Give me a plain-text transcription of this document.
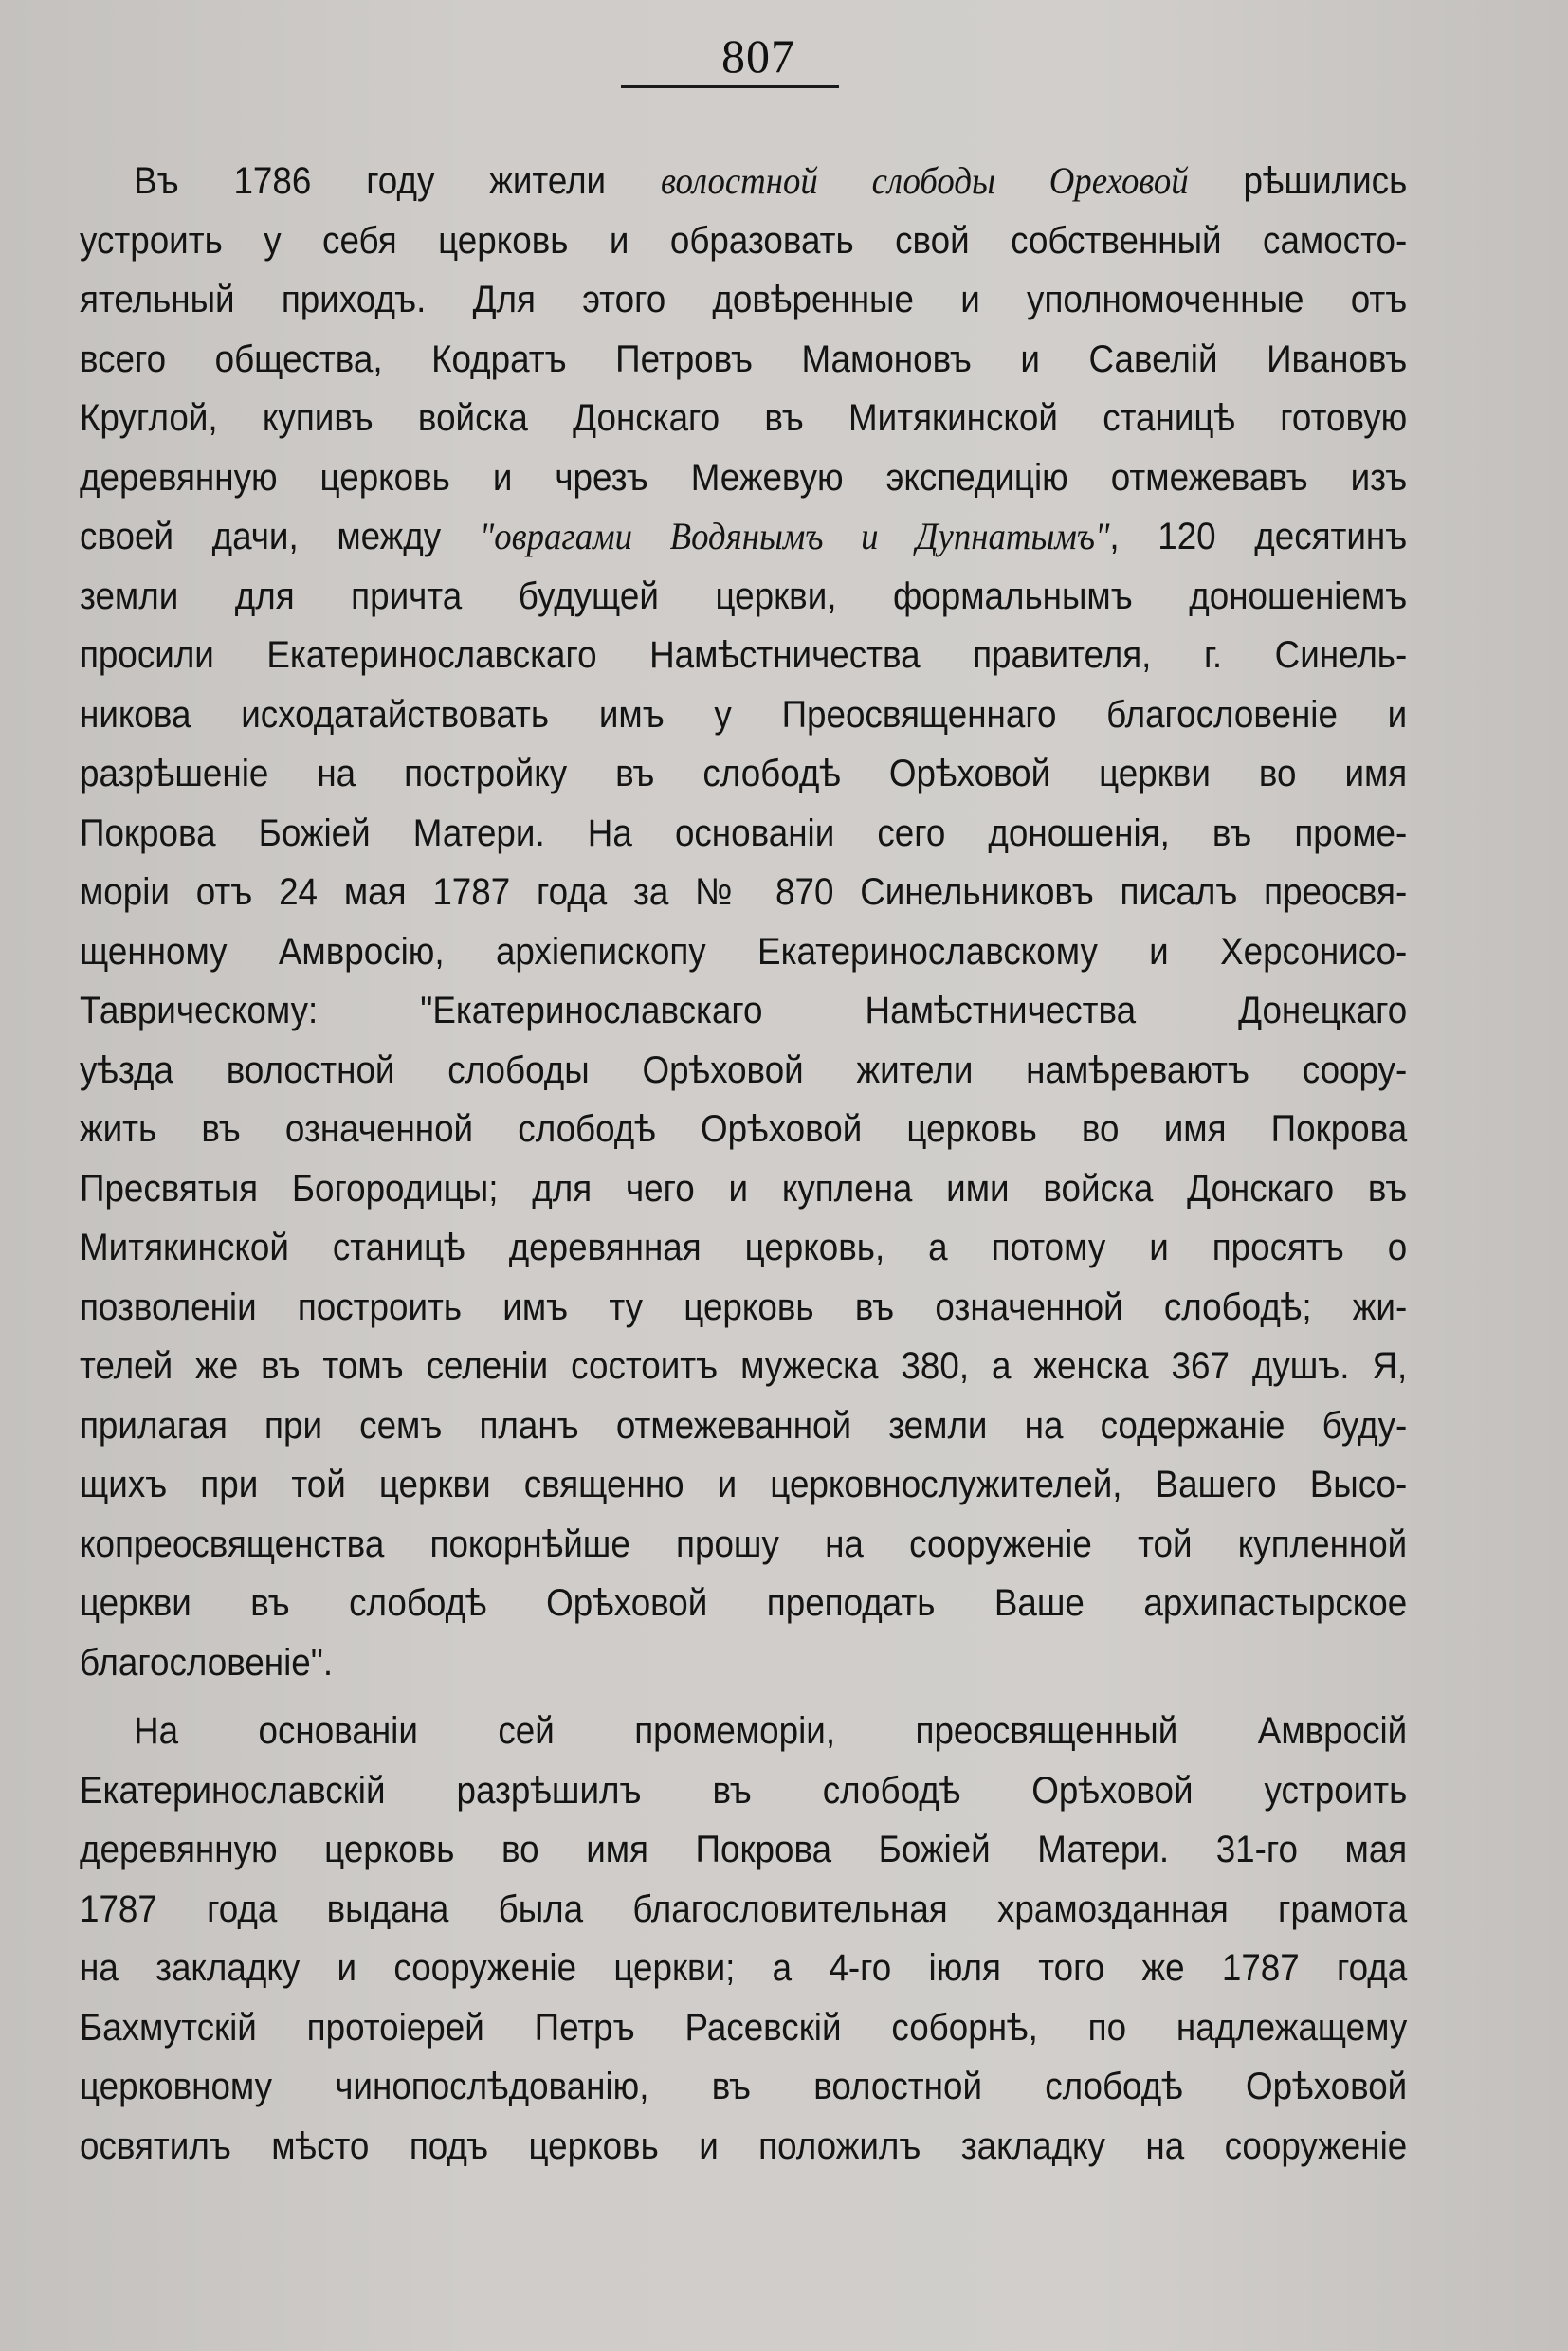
807
Въ 1786 году жители волостной слободы Ореховой рѣшились
устроить у себя церковь и образовать свой собственный самосто-
ятельный приходъ. Для этого довѣренные и уполномоченные отъ
всего общества, Кодратъ Петровъ Мамоновъ и Савелій Ивановъ
Круглой, купивъ войска Донскаго въ Митякинской станицѣ готовую
деревянную церковь и чрезъ Межевую экспедицію отмежевавъ изъ
своей дачи, между "оврагами Водянымъ и Дупнатымъ", 120 десятинъ
земли для причта будущей церкви, формальнымъ доношеніемъ
просили Екатеринославскаго Намѣстничества правителя, г. Синель-
никова исходатайствовать имъ у Преосвященнаго благословеніе и
разрѣшеніе на постройку въ слободѣ Орѣховой церкви во имя
Покрова Божіей Матери. На основаніи сего доношенія, въ проме-
моріи отъ 24 мая 1787 года за № 870 Синельниковъ писалъ преосвя-
щенному Амвросію, архіепископу Екатеринославскому и Херсонисо-
Таврическому: "Екатеринославскаго Намѣстничества Донецкаго
уѣзда волостной слободы Орѣховой жители намѣреваютъ соору-
жить въ означенной слободѣ Орѣховой церковь во имя Покрова
Пресвятыя Богородицы; для чего и куплена ими войска Донскаго въ
Митякинской станицѣ деревянная церковь, а потому и просятъ о
позволеніи построить имъ ту церковь въ означенной слободѣ; жи-
телей же въ томъ селеніи состоитъ мужеска 380, а женска 367 душъ. Я,
прилагая при семъ планъ отмежеванной земли на содержаніе буду-
щихъ при той церкви священно и церковнослужителей, Вашего Высо-
копреосвященства покорнѣйше прошу на сооруженіе той купленной
церкви въ слободѣ Орѣховой преподать Ваше архипастырское
благословеніе".
На основаніи сей промеморіи, преосвященный Амвросій
Екатеринославскій разрѣшилъ въ слободѣ Орѣховой устроить
деревянную церковь во имя Покрова Божіей Матери. 31-го мая
1787 года выдана была благословительная храмозданная грамота
на закладку и сооруженіе церкви; а 4-го іюля того же 1787 года
Бахмутскій протоіерей Петръ Расевскій соборнѣ, по надлежащему
церковному чинопослѣдованію, въ волостной слободѣ Орѣховой
освятилъ мѣсто подъ церковь и положилъ закладку на сооруженіе
